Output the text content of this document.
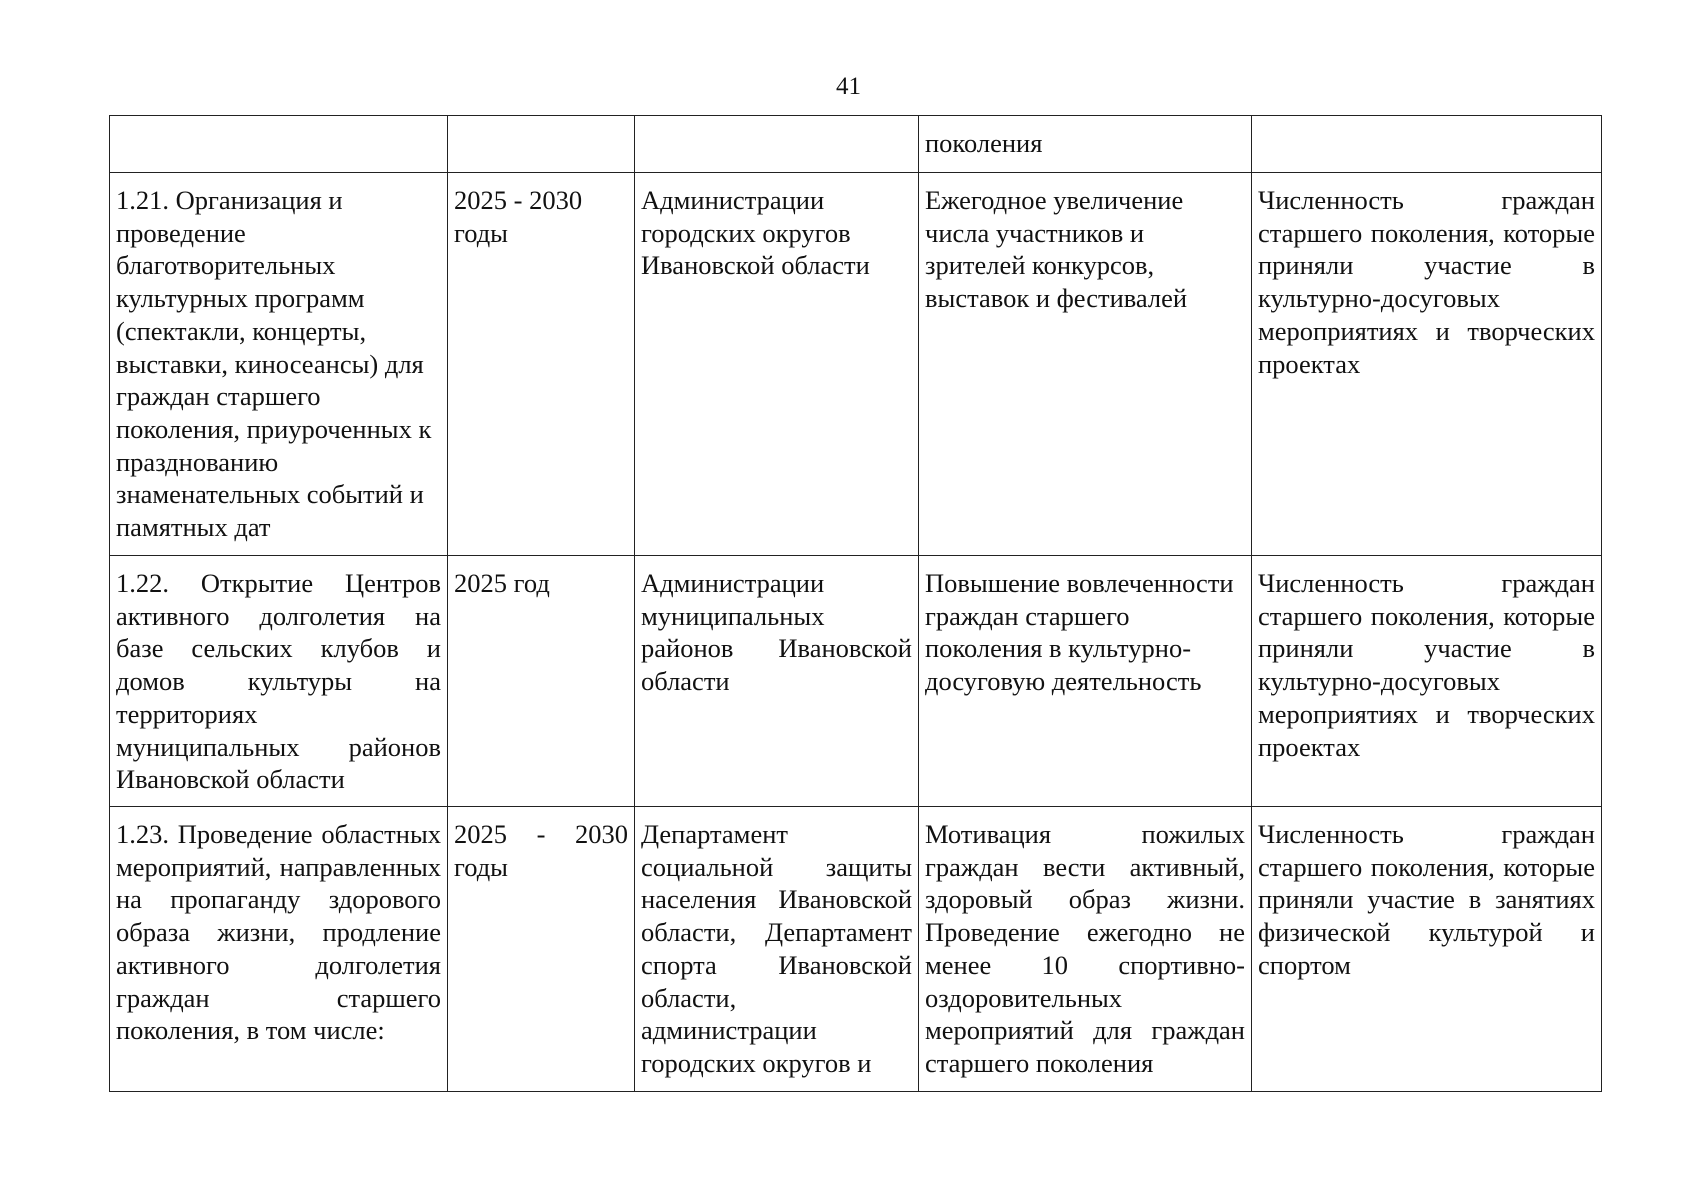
41
			поколения	
1.21. Организация и проведение благотворительных культурных программ (спектакли, концерты, выставки, киносеансы) для граждан старшего поколения, приуроченных к празднованию знаменательных событий и памятных дат	2025 - 2030 годы	Администрации городских округов Ивановской области	Ежегодное увеличение числа участников и зрителей конкурсов, выставок и фестивалей	Численность граждан старшего поколения, которые приняли участие в культурно-досуговых мероприятиях и творческих проектах
1.22. Открытие Центров активного долголетия на базе сельских клубов и домов культуры на территориях муниципальных районов Ивановской области	2025 год	Администрации муниципальных районов Ивановской области	Повышение вовлеченности граждан старшего поколения в культурно-досуговую деятельность	Численность граждан старшего поколения, которые приняли участие в культурно-досуговых мероприятиях и творческих проектах
1.23. Проведение областных мероприятий, направленных на пропаганду здорового образа жизни, продление активного долголетия граждан старшего поколения, в том числе:	2025 - 2030 годы	Департамент социальной защиты населения Ивановской области, Департамент спорта Ивановской области, администрации городских округов и	Мотивация пожилых граждан вести активный, здоровый образ жизни. Проведение ежегодно не менее 10 спортивно-оздоровительных мероприятий для граждан старшего поколения	Численность граждан старшего поколения, которые приняли участие в занятиях физической культурой и спортом
